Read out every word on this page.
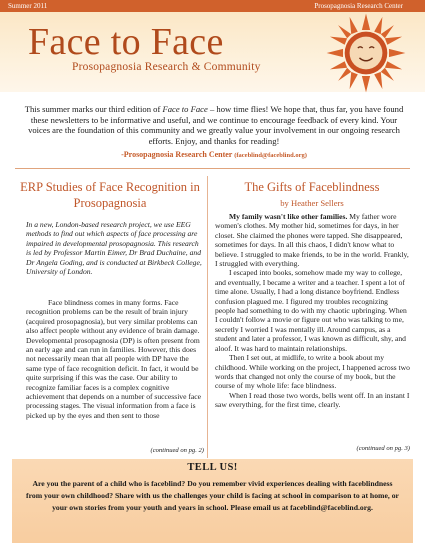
Summer 2011	Prosopagnosia Research Center
Face to Face
Prosopagnosia Research & Community
This summer marks our third edition of Face to Face – how time flies! We hope that, thus far, you have found these newsletters to be informative and useful, and we continue to encourage feedback of every kind. Your voices are the foundation of this community and we greatly value your involvement in our ongoing research efforts. Enjoy, and thanks for reading!
-Prosopagnosia Research Center (faceblind@faceblind.org)
ERP Studies of Face Recognition in Prosopagnosia
In a new, London-based research project, we use EEG methods to find out which aspects of face processing are impaired in developmental prosopagnosia. This research is led by Professor Martin Eimer, Dr Brad Duchaine, and Dr Angela Goding, and is conducted at Birkbeck College, University of London.

Face blindness comes in many forms. Face recognition problems can be the result of brain injury (acquired prosopagnosia), but very similar problems can also affect people without any evidence of brain damage. Developmental prosopagnosia (DP) is often present from an early age and can run in families. However, this does not necessarily mean that all people with DP have the same type of face recognition deficit. In fact, it would be quite surprising if this was the case. Our ability to recognize familiar faces is a complex cognitive achievement that depends on a number of successive face processing stages. The visual information from a face is picked up by the eyes and then sent to those

(continued on pg. 2)
The Gifts of Faceblindness
by Heather Sellers

My family wasn't like other families. My father wore women's clothes. My mother hid, sometimes for days, in her closet. She claimed the phones were tapped. She disappeared, sometimes for days. In all this chaos, I didn't know what to believe. I struggled to make friends, to be in the world. Frankly, I struggled with everything.

I escaped into books, somehow made my way to college, and eventually, I became a writer and a teacher. I spent a lot of time alone. Usually, I had a long distance boyfriend. Endless confusion plagued me. I figured my troubles recognizing people had something to do with my chaotic upbringing. When I couldn't follow a movie or figure out who was talking to me, secretly I worried I was mentally ill. Around campus, as a student and later a professor, I was known as difficult, shy, and aloof. It was hard to maintain relationships.

Then I set out, at midlife, to write a book about my childhood. While working on the project, I happened across two words that changed not only the course of my book, but the course of my whole life: face blindness.

When I read those two words, bells went off. In an instant I saw everything, for the first time, clearly.

(continued on pg. 3)
TELL US!
Are you the parent of a child who is faceblind? Do you remember vivid experiences dealing with faceblindness from your own childhood? Share with us the challenges your child is facing at school in comparison to at home, or your own stories from your youth and years in school. Please email us at faceblind@faceblind.org.
